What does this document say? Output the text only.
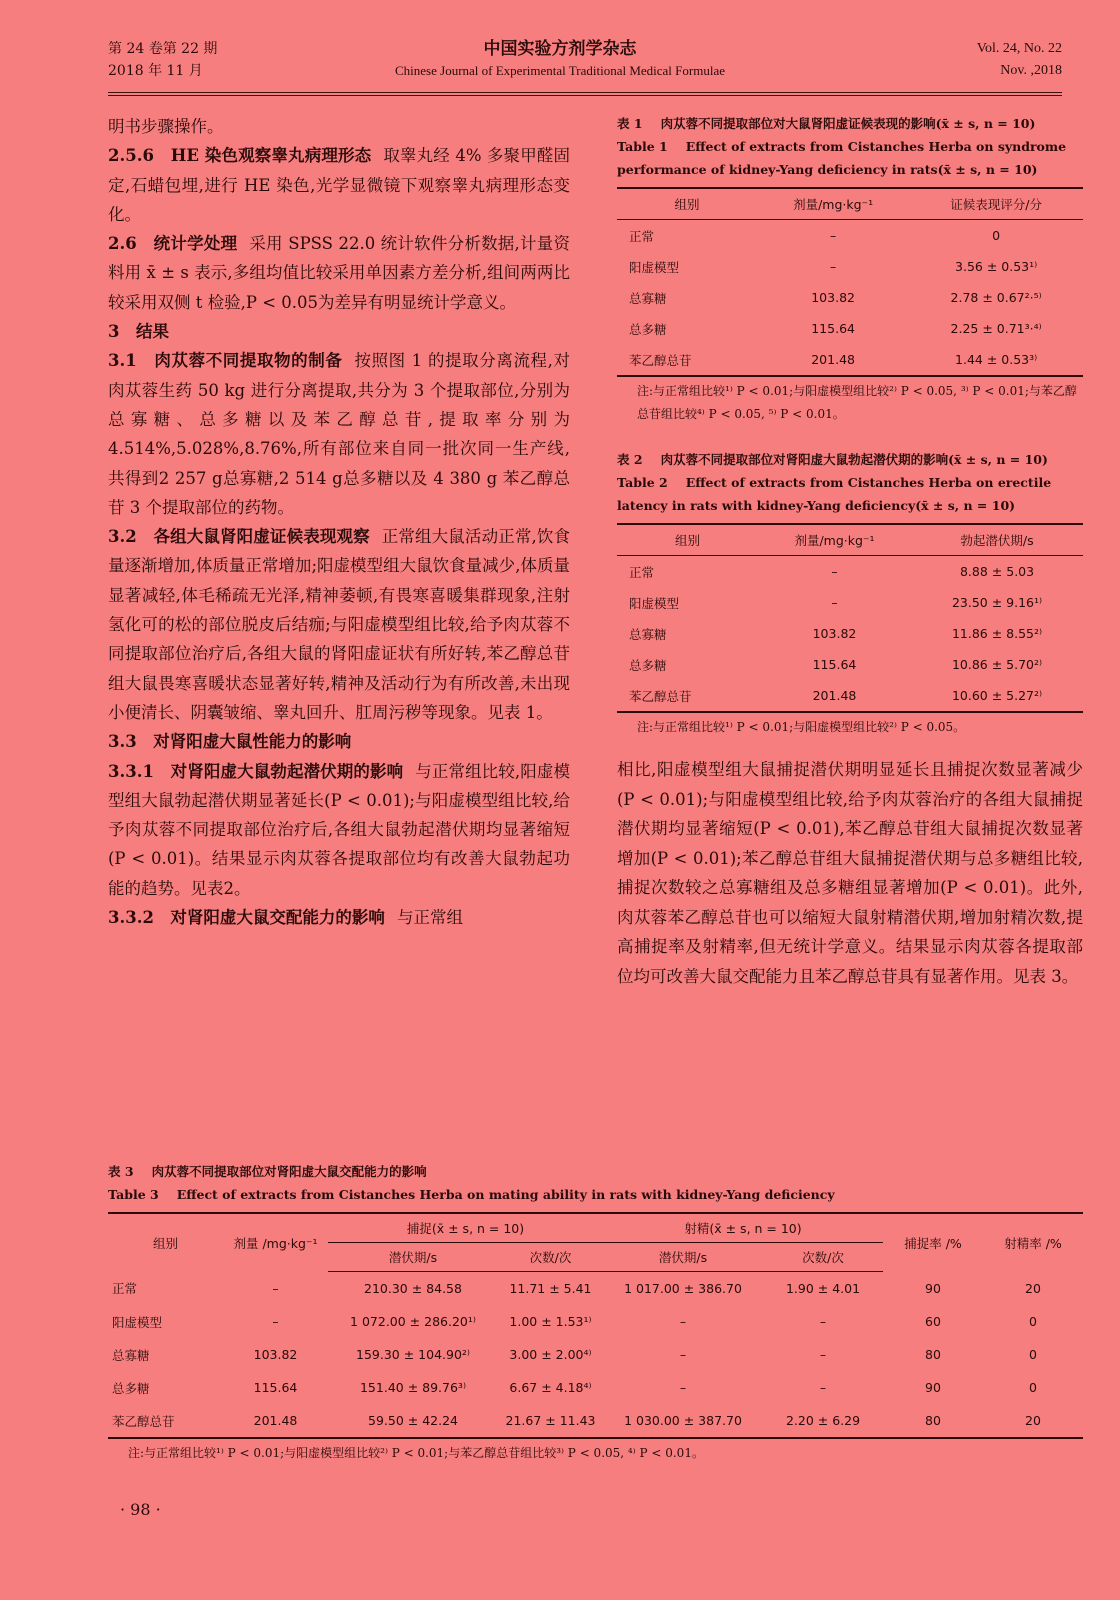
第 24 卷第 22 期
2018 年 11 月
中国实验方剂学杂志
Chinese Journal of Experimental Traditional Medical Formulae
Vol. 24, No. 22
Nov. ,2018

明书步骤操作。

2.5.6　HE 染色观察睾丸病理形态 取睾丸经 4% 多聚甲醛固定,石蜡包埋,进行 HE 染色,光学显微镜下观察睾丸病理形态变化。

2.6　统计学处理 采用 SPSS 22.0 统计软件分析数据,计量资料用 x̄ ± s 表示,多组均值比较采用单因素方差分析,组间两两比较采用双侧 t 检验,P < 0.05为差异有明显统计学意义。

3　结果

3.1　肉苁蓉不同提取物的制备 按照图 1 的提取分离流程,对肉苁蓉生药 50 kg 进行分离提取,共分为 3 个提取部位,分别为总寡糖、总多糖以及苯乙醇总苷,提取率分别为 4.514%,5.028%,8.76%,所有部位来自同一批次同一生产线,共得到2 257 g总寡糖,2 514 g总多糖以及 4 380 g 苯乙醇总苷 3 个提取部位的药物。

3.2　各组大鼠肾阳虚证候表现观察 正常组大鼠活动正常,饮食量逐渐增加,体质量正常增加;阳虚模型组大鼠饮食量减少,体质量显著减轻,体毛稀疏无光泽,精神萎顿,有畏寒喜暖集群现象,注射氢化可的松的部位脱皮后结痂;与阳虚模型组比较,给予肉苁蓉不同提取部位治疗后,各组大鼠的肾阳虚证状有所好转,苯乙醇总苷组大鼠畏寒喜暖状态显著好转,精神及活动行为有所改善,未出现小便清长、阴囊皱缩、睾丸回升、肛周污秽等现象。见表 1。

3.3　对肾阳虚大鼠性能力的影响

3.3.1　对肾阳虚大鼠勃起潜伏期的影响 与正常组比较,阳虚模型组大鼠勃起潜伏期显著延长(P < 0.01);与阳虚模型组比较,给予肉苁蓉不同提取部位治疗后,各组大鼠勃起潜伏期均显著缩短(P < 0.01)。结果显示肉苁蓉各提取部位均有改善大鼠勃起功能的趋势。见表2。

3.3.2　对肾阳虚大鼠交配能力的影响 与正常组

表 1 肉苁蓉不同提取部位对大鼠肾阳虚证候表现的影响(x̄ ± s, n = 10)
Table 1 Effect of extracts from Cistanches Herba on syndrome performance of kidney-Yang deficiency in rats(x̄ ± s, n = 10)
组别	剂量/mg·kg⁻¹	证候表现评分/分
正常	–	0
阳虚模型	–	3.56 ± 0.53¹⁾
总寡糖	103.82	2.78 ± 0.67²·⁵⁾
总多糖	115.64	2.25 ± 0.71³·⁴⁾
苯乙醇总苷	201.48	1.44 ± 0.53³⁾
注:与正常组比较¹⁾ P < 0.01;与阳虚模型组比较²⁾ P < 0.05, ³⁾ P < 0.01;与苯乙醇总苷组比较⁴⁾ P < 0.05, ⁵⁾ P < 0.01。
表 2 肉苁蓉不同提取部位对肾阳虚大鼠勃起潜伏期的影响(x̄ ± s, n = 10)
Table 2 Effect of extracts from Cistanches Herba on erectile latency in rats with kidney-Yang deficiency(x̄ ± s, n = 10)
组别	剂量/mg·kg⁻¹	勃起潜伏期/s
正常	–	8.88 ± 5.03
阳虚模型	–	23.50 ± 9.16¹⁾
总寡糖	103.82	11.86 ± 8.55²⁾
总多糖	115.64	10.86 ± 5.70²⁾
苯乙醇总苷	201.48	10.60 ± 5.27²⁾
注:与正常组比较¹⁾ P < 0.01;与阳虚模型组比较²⁾ P < 0.05。
相比,阳虚模型组大鼠捕捉潜伏期明显延长且捕捉次数显著减少(P < 0.01);与阳虚模型组比较,给予肉苁蓉治疗的各组大鼠捕捉潜伏期均显著缩短(P < 0.01),苯乙醇总苷组大鼠捕捉次数显著增加(P < 0.01);苯乙醇总苷组大鼠捕捉潜伏期与总多糖组比较,捕捉次数较之总寡糖组及总多糖组显著增加(P < 0.01)。此外,肉苁蓉苯乙醇总苷也可以缩短大鼠射精潜伏期,增加射精次数,提高捕捉率及射精率,但无统计学意义。结果显示肉苁蓉各提取部位均可改善大鼠交配能力且苯乙醇总苷具有显著作用。见表 3。
表 3 肉苁蓉不同提取部位对肾阳虚大鼠交配能力的影响
Table 3 Effect of extracts from Cistanches Herba on mating ability in rats with kidney-Yang deficiency
组别	剂量 /mg·kg⁻¹	捕捉(x̄ ± s, n = 10)		射精(x̄ ± s, n = 10)		捕捉率 /%	射精率 /%
		潜伏期/s	次数/次	潜伏期/s	次数/次		
正常	–	210.30 ± 84.58	11.71 ± 5.41	1 017.00 ± 386.70	1.90 ± 4.01	90	20
阳虚模型	–	1 072.00 ± 286.20¹⁾	1.00 ± 1.53¹⁾	–	–	60	0
总寡糖	103.82	159.30 ± 104.90²⁾	3.00 ± 2.00⁴⁾	–	–	80	0
总多糖	115.64	151.40 ± 89.76³⁾	6.67 ± 4.18⁴⁾	–	–	90	0
苯乙醇总苷	201.48	59.50 ± 42.24	21.67 ± 11.43	1 030.00 ± 387.70	2.20 ± 6.29	80	20
注:与正常组比较¹⁾ P < 0.01;与阳虚模型组比较²⁾ P < 0.01;与苯乙醇总苷组比较³⁾ P < 0.05, ⁴⁾ P < 0.01。
· 98 ·
